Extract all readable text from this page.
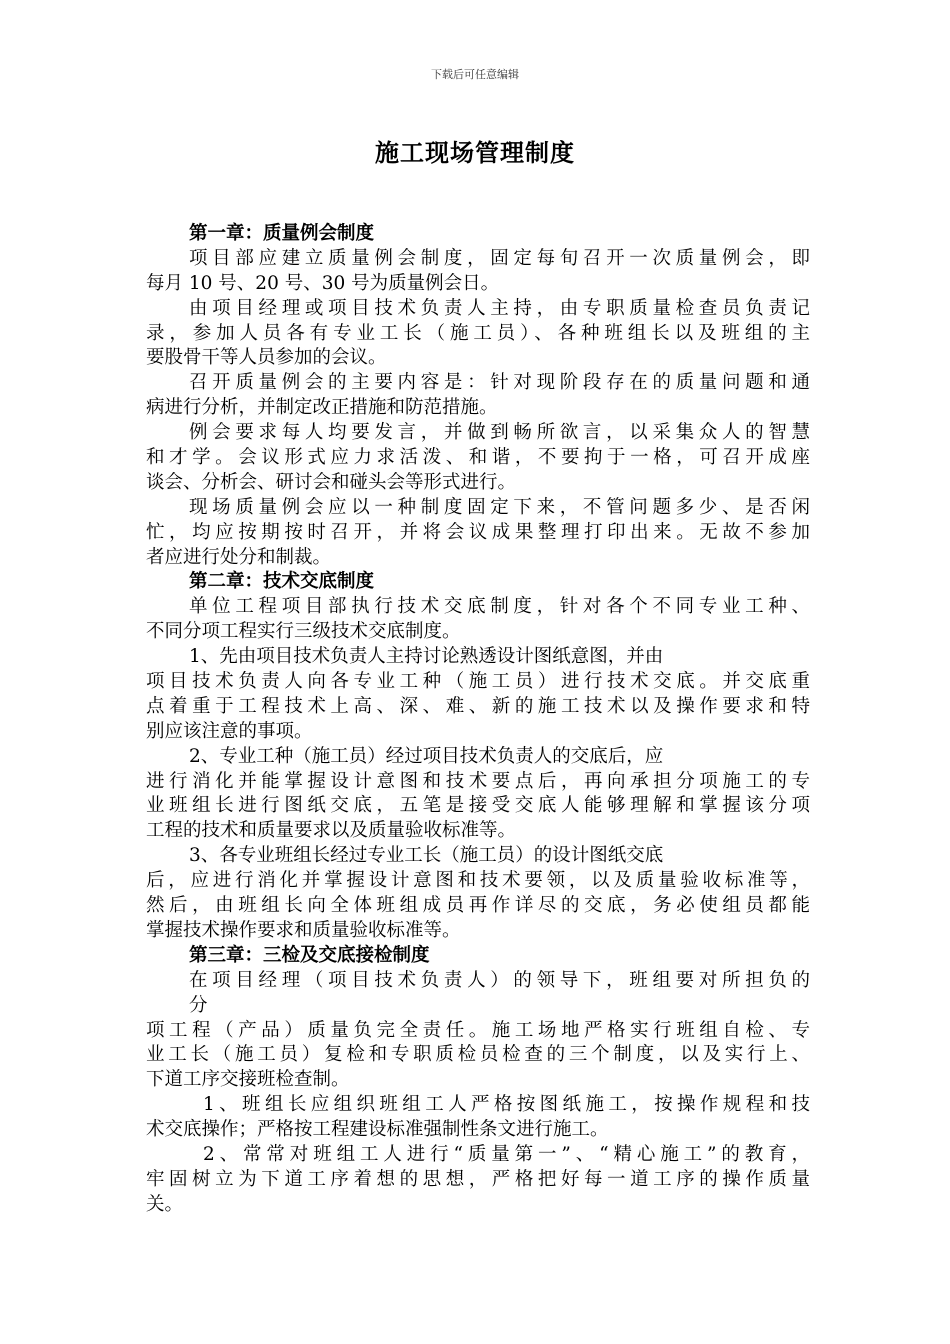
下载后可任意编辑
施工现场管理制度
第一章：质量例会制度
项目部应建立质量例会制度，固定每旬召开一次质量例会，即
每月 10 号、20 号、30 号为质量例会日。
由项目经理或项目技术负责人主持，由专职质量检查员负责记
录，参加人员各有专业工长（施工员）、各种班组长以及班组的主
要股骨干等人员参加的会议。
召开质量例会的主要内容是：针对现阶段存在的质量问题和通
病进行分析，并制定改正措施和防范措施。
例会要求每人均要发言，并做到畅所欲言，以采集众人的智慧
和才学。会议形式应力求活泼、和谐，不要拘于一格，可召开成座
谈会、分析会、研讨会和碰头会等形式进行。
现场质量例会应以一种制度固定下来，不管问题多少、是否闲
忙，均应按期按时召开，并将会议成果整理打印出来。无故不参加
者应进行处分和制裁。
第二章：技术交底制度
单位工程项目部执行技术交底制度，针对各个不同专业工种、
不同分项工程实行三级技术交底制度。
1、先由项目技术负责人主持讨论熟透设计图纸意图，并由
项目技术负责人向各专业工种（施工员）进行技术交底。并交底重
点着重于工程技术上高、深、难、新的施工技术以及操作要求和特
别应该注意的事项。
2、专业工种（施工员）经过项目技术负责人的交底后，应
进行消化并能掌握设计意图和技术要点后，再向承担分项施工的专
业班组长进行图纸交底，五笔是接受交底人能够理解和掌握该分项
工程的技术和质量要求以及质量验收标准等。
3、各专业班组长经过专业工长（施工员）的设计图纸交底
后，应进行消化并掌握设计意图和技术要领，以及质量验收标准等，
然后，由班组长向全体班组成员再作详尽的交底，务必使组员都能
掌握技术操作要求和质量验收标准等。
第三章：三检及交底接检制度
在项目经理（项目技术负责人）的领导下，班组要对所担负的
分
项工程（产品）质量负完全责任。施工场地严格实行班组自检、专
业工长（施工员）复检和专职质检员检查的三个制度，以及实行上、
下道工序交接班检查制。
1、班组长应组织班组工人严格按图纸施工，按操作规程和技
术交底操作；严格按工程建设标准强制性条文进行施工。
2、常常对班组工人进行“质量第一”、“精心施工”的教育，
牢固树立为下道工序着想的思想，严格把好每一道工序的操作质量
关。
